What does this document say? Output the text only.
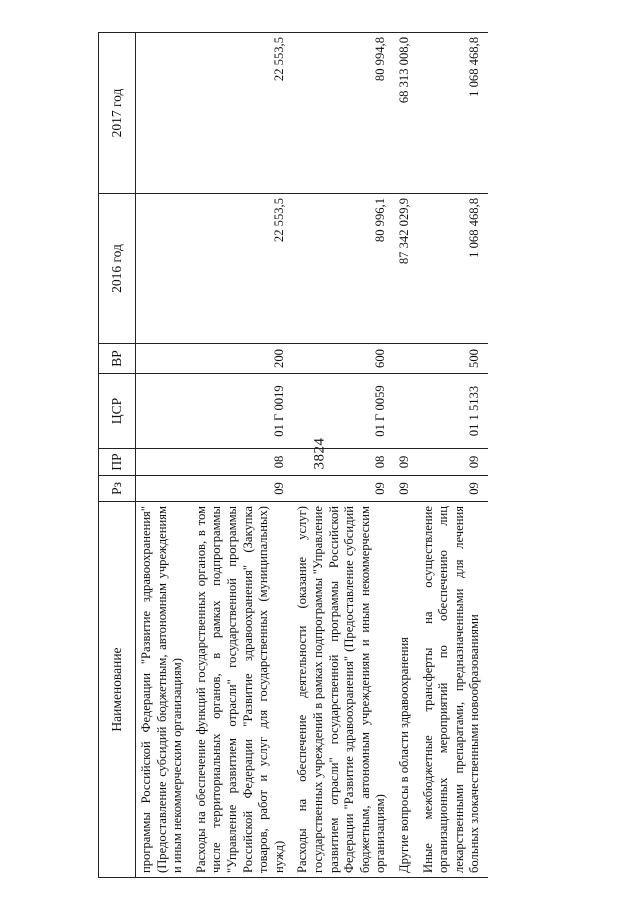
3824
Наименование	Рз	ПР	ЦСР	ВР	2016 год	2017 год
программы Российской Федерации "Развитие здравоохранения" (Предоставление субсидий бюджетным, автономным учреждениям и иным некоммерческим организациям)						
Расходы на обеспечение функций государственных органов, в том числе территориальных органов, в рамках подпрограммы "Управление развитием отрасли" государственной программы Российской Федерации "Развитие здравоохранения" (Закупка товаров, работ и услуг для государственных (муниципальных) нужд)	09	08	01 Г 0019	200	22 553,5	22 553,5
Расходы на обеспечение деятельности (оказание услуг) государственных учреждений в рамках подпрограммы "Управление развитием отрасли" государственной программы Российской Федерации "Развитие здравоохранения" (Предоставление субсидий бюджетным, автономным учреждениям и иным некоммерческим организациям)	09	08	01 Г 0059	600	80 996,1	80 994,8
Другие вопросы в области здравоохранения	09	09			87 342 029,9	68 313 008,0
Иные межбюджетные трансферты на осуществление организационных мероприятий по обеспечению лиц лекарственными препаратами, предназначенными для лечения больных злокачественными новообразованиями	09	09	01 1 5133	500	1 068 468,8	1 068 468,8
